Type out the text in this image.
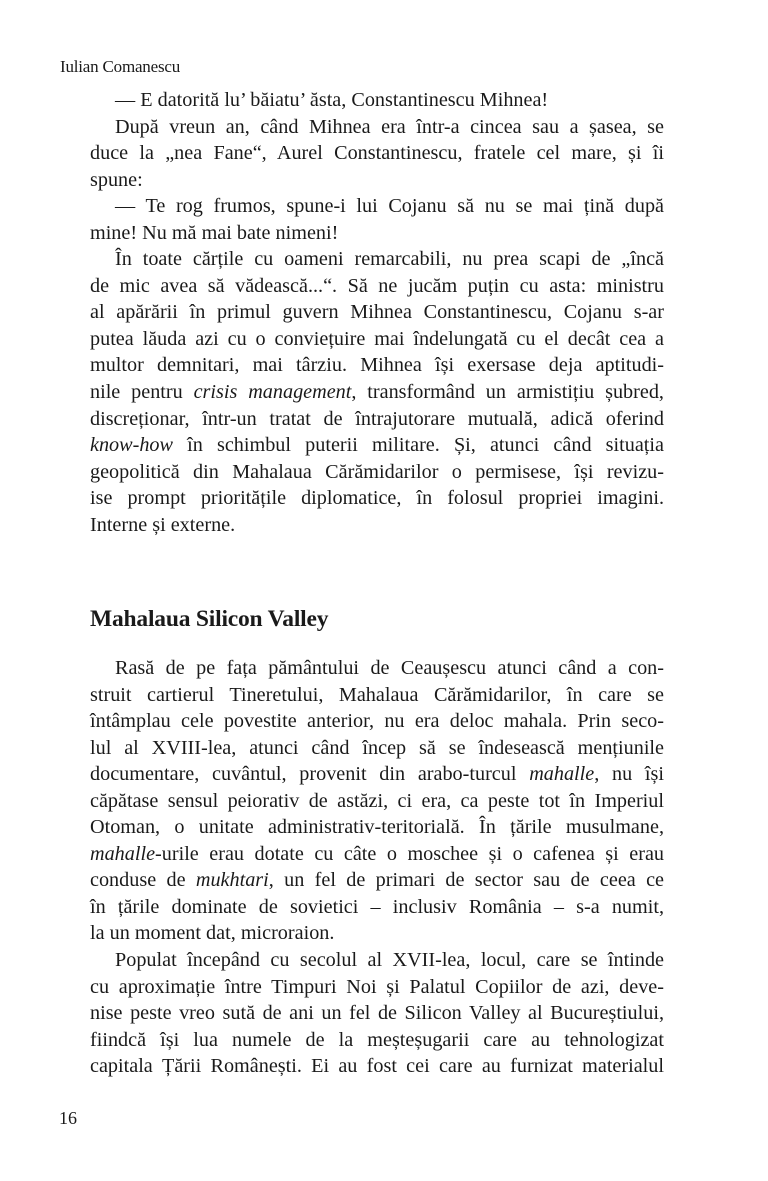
Iulian Comanescu
— E datorită lu’ băiatu’ ăsta, Constantinescu Mihnea!
După vreun an, când Mihnea era într-a cincea sau a șasea, se
duce la „nea Fane“, Aurel Constantinescu, fratele cel mare, și îi
spune:
— Te rog frumos, spune-i lui Cojanu să nu se mai țină după
mine! Nu mă mai bate nimeni!
În toate cărțile cu oameni remarcabili, nu prea scapi de „încă
de mic avea să vădească...“. Să ne jucăm puțin cu asta: ministru
al apărării în primul guvern Mihnea Constantinescu, Cojanu s-ar
putea lăuda azi cu o conviețuire mai îndelungată cu el decât cea a
multor demnitari, mai târziu. Mihnea își exersase deja aptitudi-
nile pentru crisis management, transformând un armistițiu șubred,
discreționar, într-un tratat de întrajutorare mutuală, adică oferind
know-how în schimbul puterii militare. Și, atunci când situația
geopolitică din Mahalaua Cărămidarilor o permisese, își revizu-
ise prompt prioritățile diplomatice, în folosul propriei imagini.
Interne și externe.
Mahalaua Silicon Valley
Rasă de pe fața pământului de Ceaușescu atunci când a con-
struit cartierul Tineretului, Mahalaua Cărămidarilor, în care se
întâmplau cele povestite anterior, nu era deloc mahala. Prin seco-
lul al XVIII-lea, atunci când încep să se îndesească mențiunile
documentare, cuvântul, provenit din arabo-turcul mahalle, nu își
căpătase sensul peiorativ de astăzi, ci era, ca peste tot în Imperiul
Otoman, o unitate administrativ-teritorială. În țările musulmane,
mahalle-urile erau dotate cu câte o moschee și o cafenea și erau
conduse de mukhtari, un fel de primari de sector sau de ceea ce
în țările dominate de sovietici – inclusiv România – s-a numit,
la un moment dat, microraion.
Populat începând cu secolul al XVII-lea, locul, care se întinde
cu aproximație între Timpuri Noi și Palatul Copiilor de azi, deve-
nise peste vreo sută de ani un fel de Silicon Valley al Bucureștiului,
fiindcă își lua numele de la meșteșugarii care au tehnologizat
capitala Țării Românești. Ei au fost cei care au furnizat materialul
16
